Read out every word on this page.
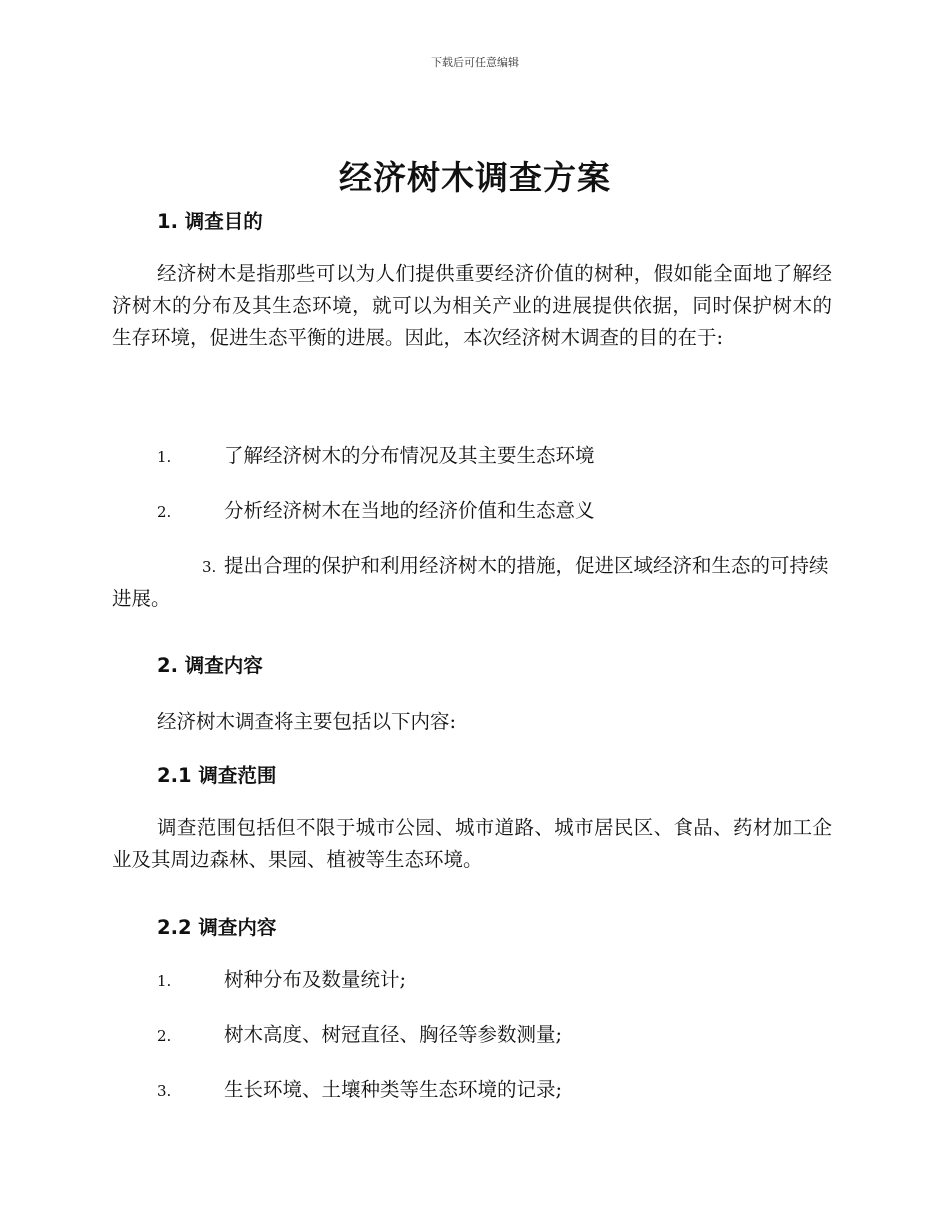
下载后可任意编辑
经济树木调查方案
1. 调查目的
经济树木是指那些可以为人们提供重要经济价值的树种，假如能全面地了解经济树木的分布及其生态环境，就可以为相关产业的进展提供依据，同时保护树木的生存环境，促进生态平衡的进展。因此，本次经济树木调查的目的在于:
1.	了解经济树木的分布情况及其主要生态环境
2.	分析经济树木在当地的经济价值和生态意义
3. 提出合理的保护和利用经济树木的措施，促进区域经济和生态的可持续进展。
2. 调查内容
经济树木调查将主要包括以下内容:
2.1 调查范围
调查范围包括但不限于城市公园、城市道路、城市居民区、食品、药材加工企业及其周边森林、果园、植被等生态环境。
2.2 调查内容
1.	树种分布及数量统计;
2.	树木高度、树冠直径、胸径等参数测量;
3.	生长环境、土壤种类等生态环境的记录;
